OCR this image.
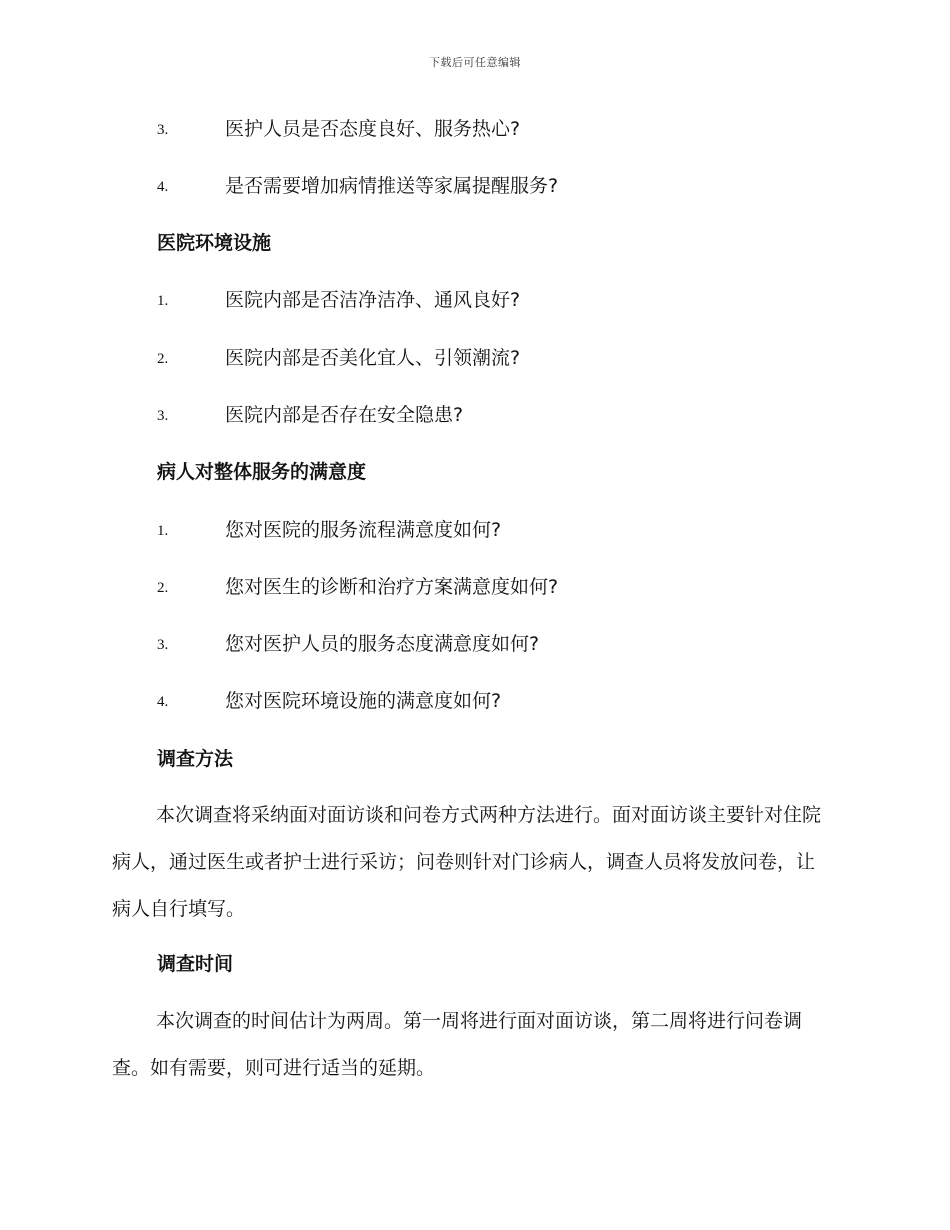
下载后可任意编辑
3.	医护人员是否态度良好、服务热心?
4.	是否需要增加病情推送等家属提醒服务?
医院环境设施
1.	医院内部是否洁净洁净、通风良好?
2.	医院内部是否美化宜人、引领潮流?
3.	医院内部是否存在安全隐患?
病人对整体服务的满意度
1.	您对医院的服务流程满意度如何?
2.	您对医生的诊断和治疗方案满意度如何?
3.	您对医护人员的服务态度满意度如何?
4.	您对医院环境设施的满意度如何?
调查方法

本次调查将采纳面对面访谈和问卷方式两种方法进行。面对面访谈主要针对住院病人，通过医生或者护士进行采访；问卷则针对门诊病人，调查人员将发放问卷，让病人自行填写。

调查时间

本次调查的时间估计为两周。第一周将进行面对面访谈，第二周将进行问卷调查。如有需要，则可进行适当的延期。
